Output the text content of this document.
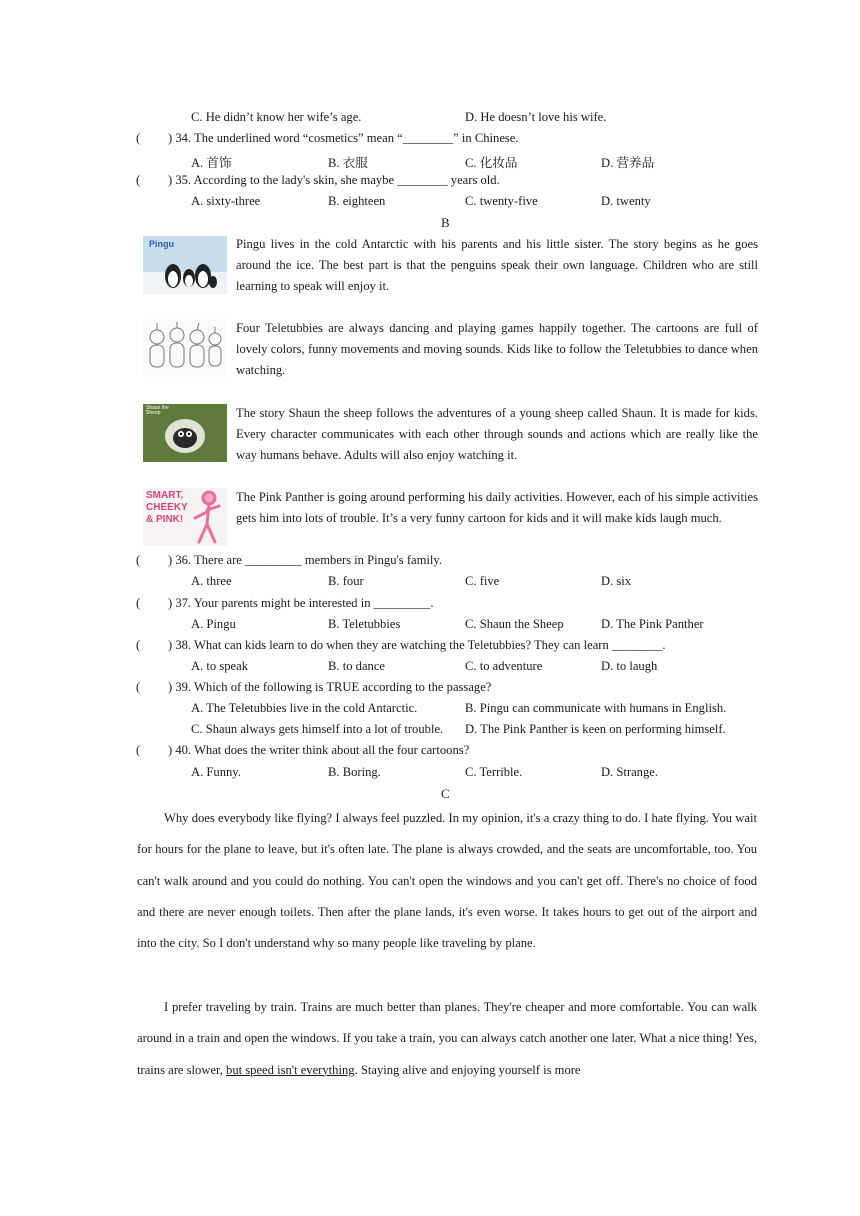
C. He didn’t know her wife’s age.	D. He doesn’t love his wife.
( ) 34. The underlined word “cosmetics” mean “________” in Chinese.
A. 首饰	B. 衣服	C. 化妆品	D. 营养品
( ) 35. According to the lady's skin, she maybe ________ years old.
A. sixty-three	B. eighteen	C. twenty-five	D. twenty
B
Pingu	Pingu lives in the cold Antarctic with his parents and his little sister. The story begins as he goes around the ice. The best part is that the penguins speak their own language. Children who are still learning to speak will enjoy it.
Four Teletubbies are always dancing and playing games happily together. The cartoons are full of lovely colors, funny movements and moving sounds. Kids like to follow the Teletubbies to dance when watching.
Shaun the Sheep	The story Shaun the sheep follows the adventures of a young sheep called Shaun. It is made for kids. Every character communicates with each other through sounds and actions which are really like the way humans behave. Adults will also enjoy watching it.
SMART, CHEEKY & PINK!
The Pink Panther is going around performing his daily activities. However, each of his simple activities gets him into lots of trouble. It’s a very funny cartoon for kids and it will make kids laugh much.
( ) 36. There are _________ members in Pingu's family.
A. three	B. four	C. five	D. six
( ) 37. Your parents might be interested in _________.
A. Pingu	B. Teletubbies	C. Shaun the Sheep	D. The Pink Panther
( ) 38. What can kids learn to do when they are watching the Teletubbies? They can learn ________.
A. to speak	B. to dance	C. to adventure	D. to laugh
( ) 39. Which of the following is TRUE according to the passage?
A. The Teletubbies live in the cold Antarctic.	B. Pingu can communicate with humans in English.
C. Shaun always gets himself into a lot of trouble. D. The Pink Panther is keen on performing himself.
( ) 40. What does the writer think about all the four cartoons?
A. Funny.	B. Boring.	C. Terrible.	D. Strange.
C
Why does everybody like flying? I always feel puzzled. In my opinion, it's a crazy thing to do. I hate flying. You wait for hours for the plane to leave, but it's often late. The plane is always crowded, and the seats are uncomfortable, too. You can't walk around and you could do nothing. You can't open the windows and you can't get off. There's no choice of food and there are never enough toilets. Then after the plane lands, it's even worse. It takes hours to get out of the airport and into the city. So I don't understand why so many people like traveling by plane.
I prefer traveling by train. Trains are much better than planes. They're cheaper and more comfortable. You can walk around in a train and open the windows. If you take a train, you can always catch another one later. What a nice thing! Yes, trains are slower, but speed isn't everything. Staying alive and enjoying yourself is more
